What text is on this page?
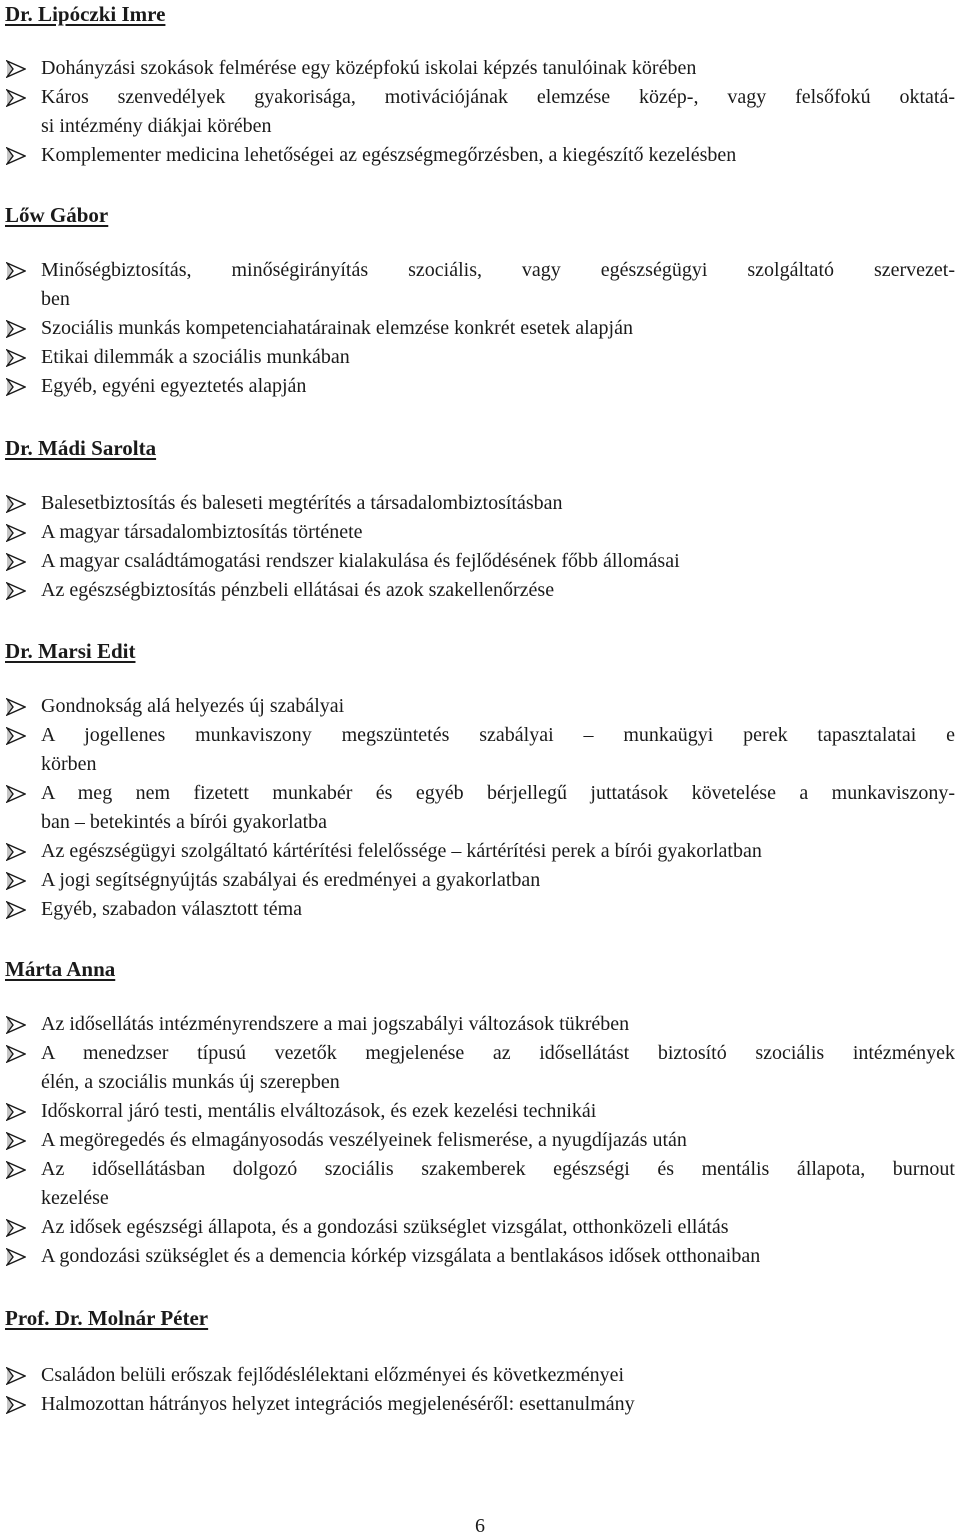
Dr. Lipóczki Imre
Dohányzási szokások felmérése egy középfokú iskolai képzés tanulóinak körében
Káros szenvedélyek gyakorisága, motivációjának elemzése közép-, vagy felsőfokú oktatá-
si intézmény diákjai körében
Komplementer medicina lehetőségei az egészségmegőrzésben, a kiegészítő kezelésben
Lőw Gábor
Minőségbiztosítás, minőségirányítás szociális, vagy egészségügyi szolgáltató szervezet-
ben
Szociális munkás kompetenciahatárainak elemzése konkrét esetek alapján
Etikai dilemmák a szociális munkában
Egyéb, egyéni egyeztetés alapján
Dr. Mádi Sarolta
Balesetbiztosítás és baleseti megtérítés a társadalombiztosításban
A magyar társadalombiztosítás története
A magyar családtámogatási rendszer kialakulása és fejlődésének főbb állomásai
Az egészségbiztosítás pénzbeli ellátásai és azok szakellenőrzése
Dr. Marsi Edit
Gondnokság alá helyezés új szabályai
A jogellenes munkaviszony megszüntetés szabályai – munkaügyi perek tapasztalatai e
körben
A meg nem fizetett munkabér és egyéb bérjellegű juttatások követelése a munkaviszony-
ban – betekintés a bírói gyakorlatba
Az egészségügyi szolgáltató kártérítési felelőssége – kártérítési perek a bírói gyakorlatban
A jogi segítségnyújtás szabályai és eredményei a gyakorlatban
Egyéb, szabadon választott téma
Márta Anna
Az idősellátás intézményrendszere a mai jogszabályi változások tükrében
A menedzser típusú vezetők megjelenése az idősellátást biztosító szociális intézmények
élén, a szociális munkás új szerepben
Időskorral járó testi, mentális elváltozások, és ezek kezelési technikái
A megöregedés és elmagányosodás veszélyeinek felismerése, a nyugdíjazás után
Az idősellátásban dolgozó szociális szakemberek egészségi és mentális állapota, burnout
kezelése
Az idősek egészségi állapota, és a gondozási szükséglet vizsgálat, otthonközeli ellátás
A gondozási szükséglet és a demencia kórkép vizsgálata a bentlakásos idősek otthonaiban
Prof. Dr. Molnár Péter
Családon belüli erőszak fejlődéslélektani előzményei és következményei
Halmozottan hátrányos helyzet integrációs megjelenéséről: esettanulmány
6
